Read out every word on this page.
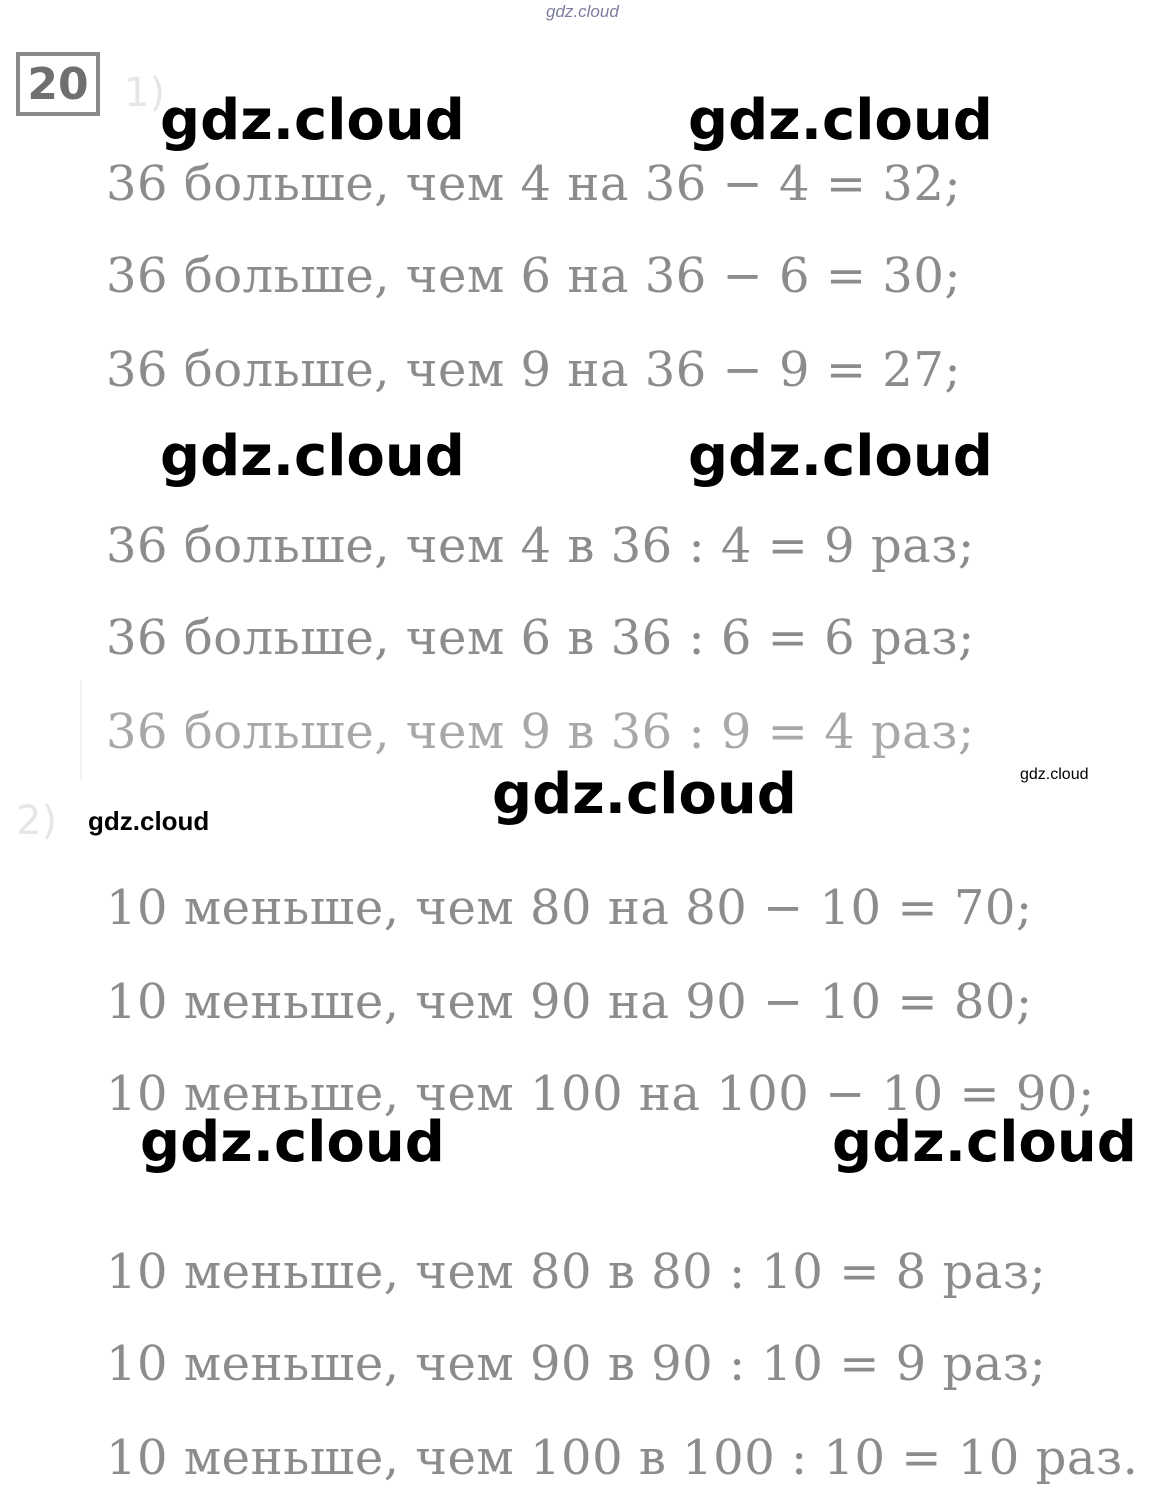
gdz.cloud
20 1)
36 больше, чем 4 на 36 − 4 = 32;
36 больше, чем 6 на 36 − 6 = 30;
36 больше, чем 9 на 36 − 9 = 27;
36 больше, чем 4 в 36 : 4 = 9 раз;
36 больше, чем 6 в 36 : 6 = 6 раз;
36 больше, чем 9 в 36 : 9 = 4 раз;
2)
10 меньше, чем 80 на 80 − 10 = 70;
10 меньше, чем 90 на 90 − 10 = 80;
10 меньше, чем 100 на 100 − 10 = 90;
10 меньше, чем 80 в 80 : 10 = 8 раз;
10 меньше, чем 90 в 90 : 10 = 9 раз;
10 меньше, чем 100 в 100 : 10 = 10 раз.
gdz.cloud	gdz.cloud
gdz.cloud	gdz.cloud
gdz.cloud	gdz.cloud
gdz.cloud
gdz.cloud	gdz.cloud
